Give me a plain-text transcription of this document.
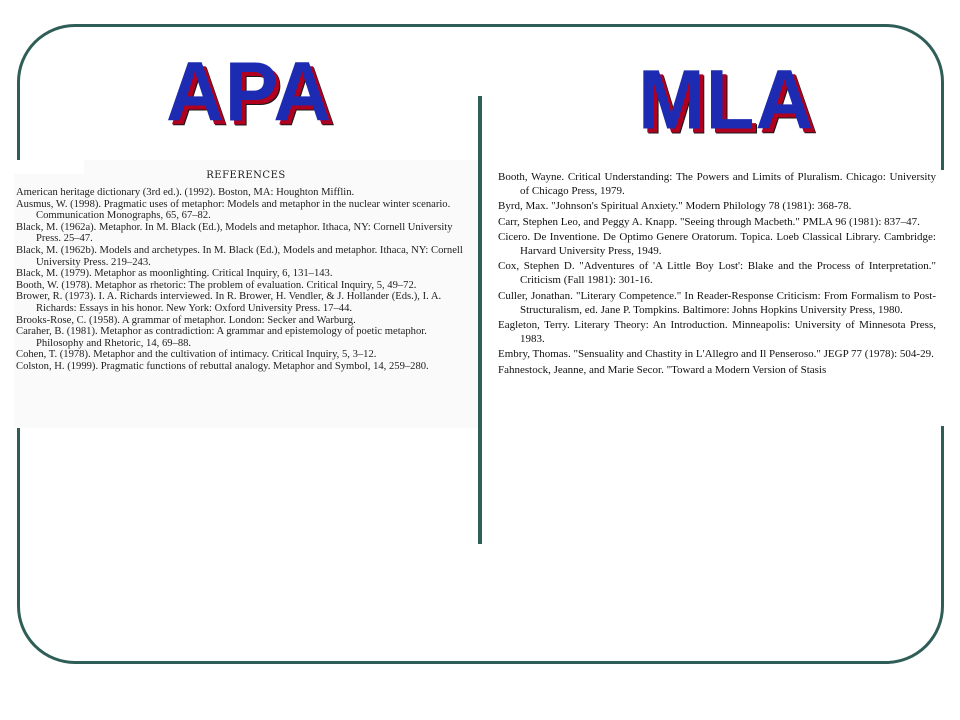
APA	MLA
REFERENCES
American heritage dictionary (3rd ed.). (1992). Boston, MA: Houghton Mifflin.
Ausmus, W. (1998). Pragmatic uses of metaphor: Models and metaphor in the nuclear winter scenario. Communication Monographs, 65, 67–82.
Black, M. (1962a). Metaphor. In M. Black (Ed.), Models and metaphor. Ithaca, NY: Cornell University Press. 25–47.
Black, M. (1962b). Models and archetypes. In M. Black (Ed.), Models and metaphor. Ithaca, NY: Cornell University Press. 219–243.
Black, M. (1979). Metaphor as moonlighting. Critical Inquiry, 6, 131–143.
Booth, W. (1978). Metaphor as rhetoric: The problem of evaluation. Critical Inquiry, 5, 49–72.
Brower, R. (1973). I. A. Richards interviewed. In R. Brower, H. Vendler, & J. Hollander (Eds.), I. A. Richards: Essays in his honor. New York: Oxford University Press. 17–44.
Brooks-Rose, C. (1958). A grammar of metaphor. London: Secker and Warburg.
Caraher, B. (1981). Metaphor as contradiction: A grammar and epistemology of poetic metaphor. Philosophy and Rhetoric, 14, 69–88.
Cohen, T. (1978). Metaphor and the cultivation of intimacy. Critical Inquiry, 5, 3–12.
Colston, H. (1999). Pragmatic functions of rebuttal analogy. Metaphor and Symbol, 14, 259–280.
Booth, Wayne. Critical Understanding: The Powers and Limits of Pluralism. Chicago: University of Chicago Press, 1979.
Byrd, Max. "Johnson's Spiritual Anxiety." Modern Philology 78 (1981): 368-78.
Carr, Stephen Leo, and Peggy A. Knapp. "Seeing through Macbeth." PMLA 96 (1981): 837–47.
Cicero. De Inventione. De Optimo Genere Oratorum. Topica. Loeb Classical Library. Cambridge: Harvard University Press, 1949.
Cox, Stephen D. "Adventures of 'A Little Boy Lost': Blake and the Process of Interpretation." Criticism (Fall 1981): 301-16.
Culler, Jonathan. "Literary Competence." In Reader-Response Criticism: From Formalism to Post-Structuralism, ed. Jane P. Tompkins. Baltimore: Johns Hopkins University Press, 1980.
Eagleton, Terry. Literary Theory: An Introduction. Minneapolis: University of Minnesota Press, 1983.
Embry, Thomas. "Sensuality and Chastity in L'Allegro and Il Penseroso." JEGP 77 (1978): 504-29.
Fahnestock, Jeanne, and Marie Secor. "Toward a Modern Version of Stasis
